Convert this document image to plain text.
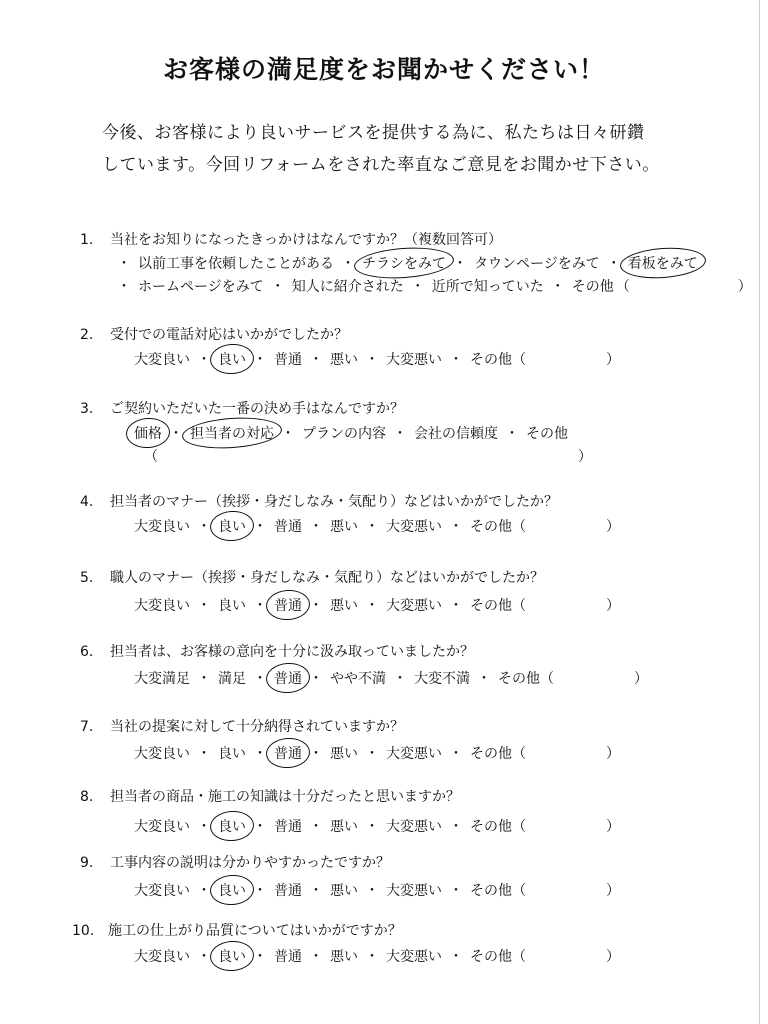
お客様の満足度をお聞かせください！
今後、お客様により良いサービスを提供する為に、私たちは日々研鑽
しています。今回リフォームをされた率直なご意見をお聞かせ下さい。
1. 当社をお知りになったきっかけはなんですか？（複数回答可）
・ 以前工事を依頼したことがある ・ チラシをみて ・ タウンページをみて ・ 看板をみて
・ ホームページをみて ・ 知人に紹介された ・ 近所で知っていた ・ その他 （	）
2. 受付での電話対応はいかがでしたか？
大変良い ・ 良い ・ 普通 ・ 悪い ・ 大変悪い ・ その他 （	）
3. ご契約いただいた一番の決め手はなんですか？
価格 ・ 担当者の対応 ・ プランの内容 ・ 会社の信頼度 ・ その他
（	）
4. 担当者のマナー（挨拶・身だしなみ・気配り）などはいかがでしたか？
大変良い ・ 良い ・ 普通 ・ 悪い ・ 大変悪い ・ その他 （	）
5. 職人のマナー（挨拶・身だしなみ・気配り）などはいかがでしたか？
大変良い ・ 良い ・ 普通 ・ 悪い ・ 大変悪い ・ その他 （	）
6. 担当者は、お客様の意向を十分に汲み取っていましたか？
大変満足 ・ 満足 ・ 普通 ・ やや不満 ・ 大変不満 ・ その他 （	）
7. 当社の提案に対して十分納得されていますか？
大変良い ・ 良い ・ 普通 ・ 悪い ・ 大変悪い ・ その他 （	）
8. 担当者の商品・施工の知識は十分だったと思いますか？
大変良い ・ 良い ・ 普通 ・ 悪い ・ 大変悪い ・ その他 （	）
9. 工事内容の説明は分かりやすかったですか？
大変良い ・ 良い ・ 普通 ・ 悪い ・ 大変悪い ・ その他 （	）
10. 施工の仕上がり品質についてはいかがですか？
大変良い ・ 良い ・ 普通 ・ 悪い ・ 大変悪い ・ その他 （	）
